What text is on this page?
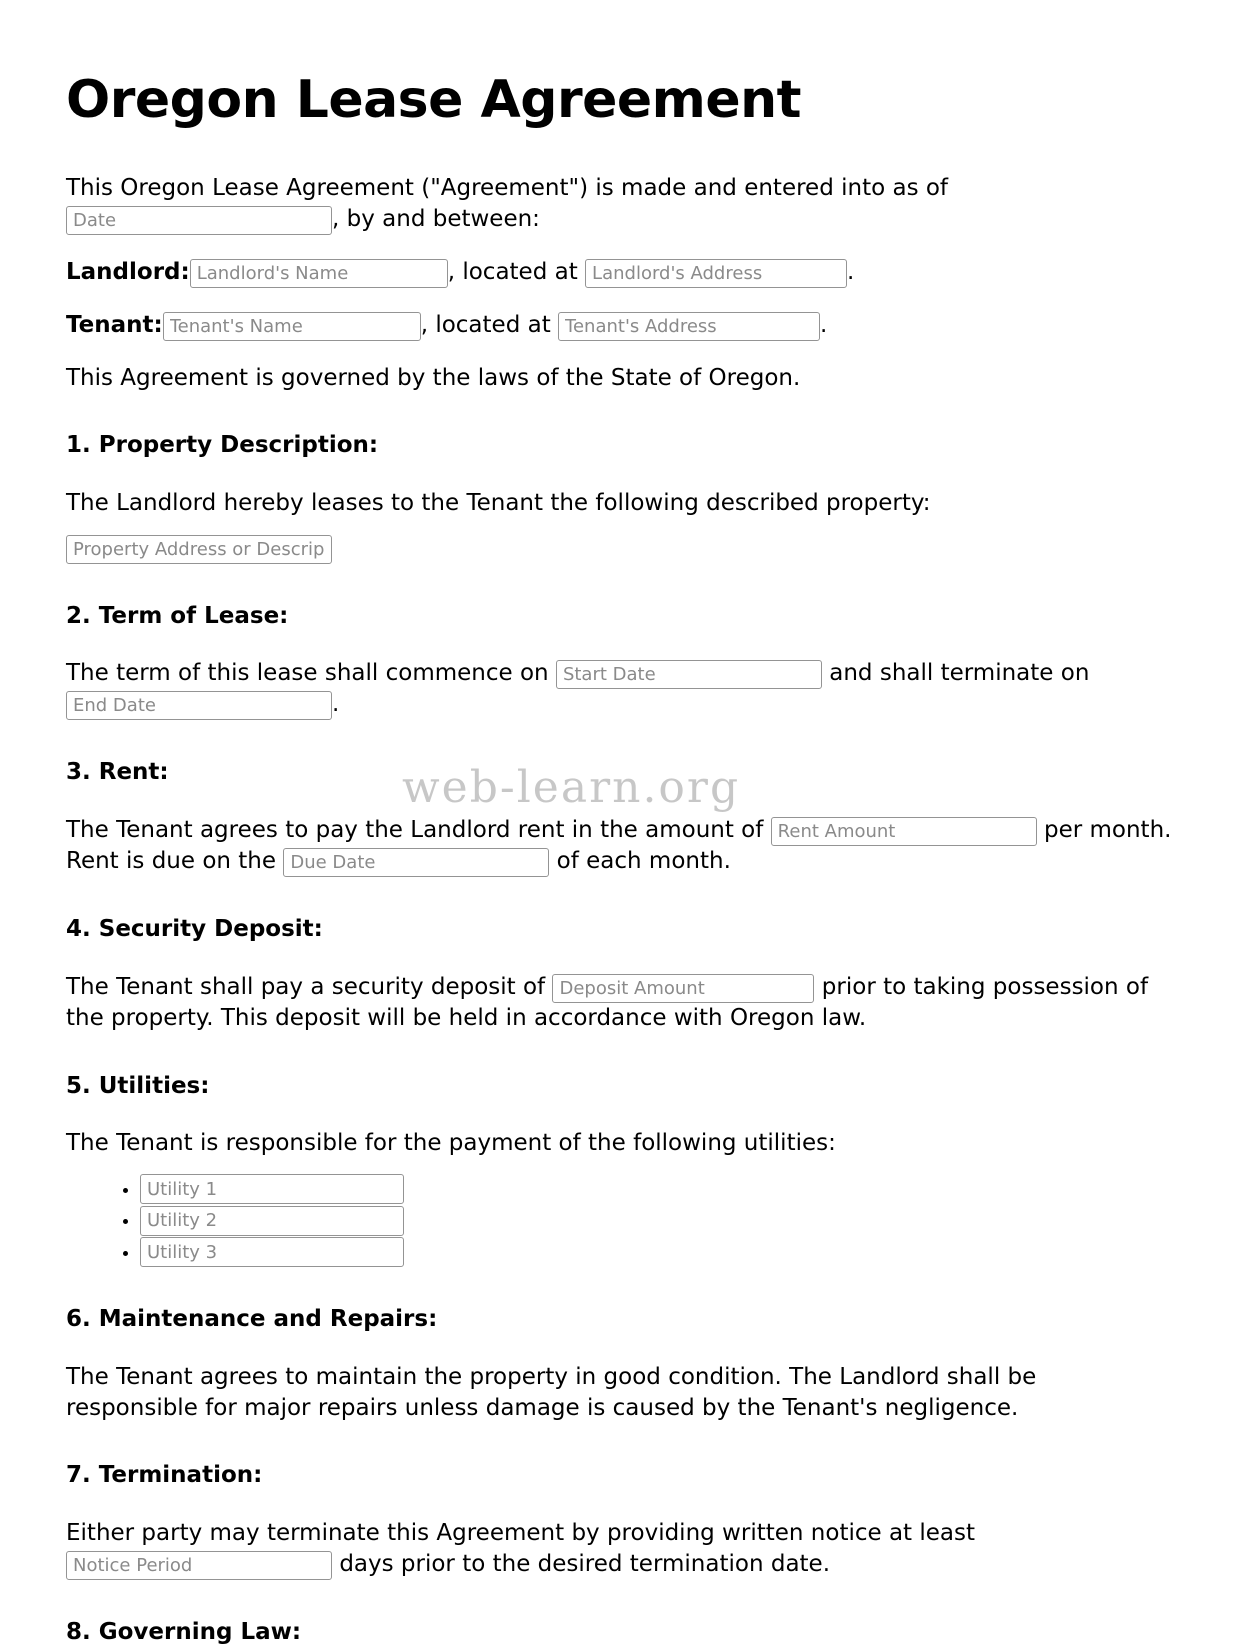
Oregon Lease Agreement

This Oregon Lease Agreement ("Agreement") is made and entered into as of
Date, by and between:

Landlord:Landlord's Name	, located at Landlord's Address	.

Tenant:Tenant's Name	, located at Tenant's Address	.

This Agreement is governed by the laws of the State of Oregon.

1. Property Description:

The Landlord hereby leases to the Tenant the following described property:

Property Address or Description

2. Term of Lease:

The term of this lease shall commence on Start Date	and shall terminate on End Date.

3. Rent:

The Tenant agrees to pay the Landlord rent in the amount of Rent Amount	per month. Rent is due on the Due Date	of each month.

4. Security Deposit:

The Tenant shall pay a security deposit of Deposit Amount	prior to taking possession of the property. This deposit will be held in accordance with Oregon law.

5. Utilities:

The Tenant is responsible for the payment of the following utilities:

• Utility 1
• Utility 2
• Utility 3
6. Maintenance and Repairs:

The Tenant agrees to maintain the property in good condition. The Landlord shall be responsible for major repairs unless damage is caused by the Tenant's negligence.

7. Termination:

Either party may terminate this Agreement by providing written notice at least
Notice Period days prior to the desired termination date.

8. Governing Law:
web-learn.org
